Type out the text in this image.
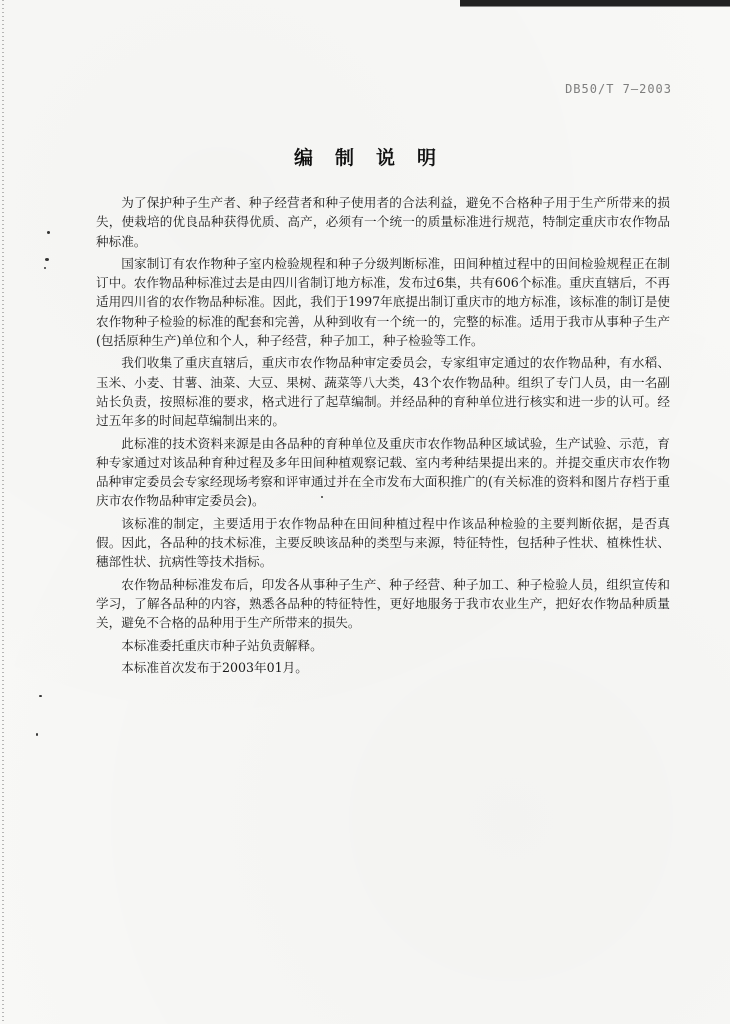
DB50/T 7—2003
编制说明

为了保护种子生产者、种子经营者和种子使用者的合法利益，避免不合格种子用于生产所带来的损失，使栽培的优良品种获得优质、高产，必须有一个统一的质量标准进行规范，特制定重庆市农作物品种标准。

国家制订有农作物种子室内检验规程和种子分级判断标准，田间种植过程中的田间检验规程正在制订中。农作物品种标准过去是由四川省制订地方标准，发布过6集，共有606个标准。重庆直辖后，不再适用四川省的农作物品种标准。因此，我们于1997年底提出制订重庆市的地方标准，该标准的制订是使农作物种子检验的标准的配套和完善，从种到收有一个统一的，完整的标准。适用于我市从事种子生产(包括原种生产)单位和个人，种子经营，种子加工，种子检验等工作。

我们收集了重庆直辖后，重庆市农作物品种审定委员会，专家组审定通过的农作物品种，有水稻、玉米、小麦、甘薯、油菜、大豆、果树、蔬菜等八大类，43个农作物品种。组织了专门人员，由一名副站长负责，按照标准的要求，格式进行了起草编制。并经品种的育种单位进行核实和进一步的认可。经过五年多的时间起草编制出来的。

此标准的技术资料来源是由各品种的育种单位及重庆市农作物品种区域试验，生产试验、示范，育种专家通过对该品种育种过程及多年田间种植观察记载、室内考种结果提出来的。并提交重庆市农作物品种审定委员会专家经现场考察和评审通过并在全市发布大面积推广的(有关标准的资料和图片存档于重庆市农作物品种审定委员会)。

该标准的制定，主要适用于农作物品种在田间种植过程中作该品种检验的主要判断依据，是否真假。因此，各品种的技术标准，主要反映该品种的类型与来源，特征特性，包括种子性状、植株性状、穗部性状、抗病性等技术指标。

农作物品种标准发布后，印发各从事种子生产、种子经营、种子加工、种子检验人员，组织宣传和学习，了解各品种的内容，熟悉各品种的特征特性，更好地服务于我市农业生产，把好农作物品种质量关，避免不合格的品种用于生产所带来的损失。

本标准委托重庆市种子站负责解释。

本标准首次发布于2003年01月。
